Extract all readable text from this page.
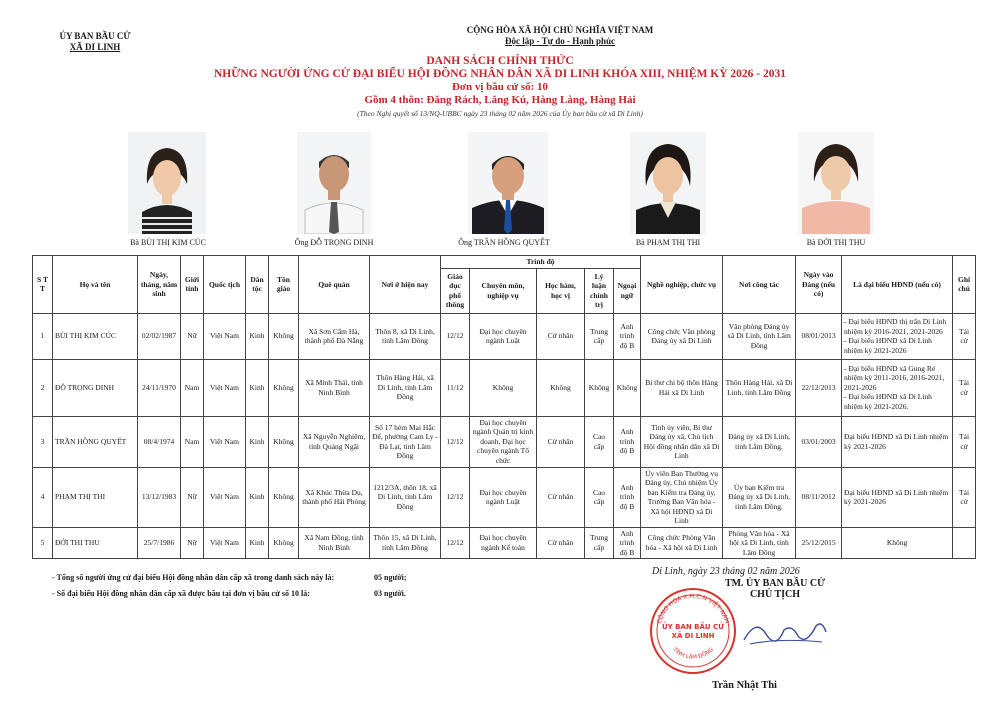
ỦY BAN BẦU CỬ
XÃ DI LINH
CỘNG HÒA XÃ HỘI CHỦ NGHĨA VIỆT NAM
Độc lập - Tự do - Hạnh phúc
DANH SÁCH CHÍNH THỨC
NHỮNG NGƯỜI ỨNG CỬ ĐẠI BIỂU HỘI ĐỒNG NHÂN DÂN XÃ DI LINH KHÓA XIII, NHIỆM KỲ 2026 - 2031
Đơn vị bầu cử số: 10
Gồm 4 thôn: Đăng Rách, Lăng Kú, Hàng Làng, Hàng Hải
(Theo Nghị quyết số 13/NQ-UBBC ngày 23 tháng 02 năm 2026 của Ủy ban bầu cử xã Di Linh)
Bà BÙI THỊ KIM CÚC	Ông ĐỖ TRỌNG DINH	Ông TRẦN HỒNG QUYẾT	Bà PHẠM THỊ THI	Bà ĐỚI THỊ THU
S T T	Họ và tên	Ngày, tháng, năm sinh	Giới tính	Quốc tịch	Dân tộc	Tôn giáo	Quê quán	Nơi ở hiện nay	Trình độ					Nghề nghiệp, chức vụ	Nơi công tác	Ngày vào Đảng (nếu có)	Là đại biểu HĐND (nếu có)	Ghi chú
									Giáo dục phổ thông	Chuyên môn, nghiệp vụ	Học hàm, học vị	Lý luận chính trị	Ngoại ngữ					
1	BÙI THỊ KIM CÚC	02/02/1987	Nữ	Việt Nam	Kinh	Không	Xã Sơn Cẩm Hà, thành phố Đà Nẵng	Thôn 8, xã Di Linh, tỉnh Lâm Đồng	12/12	Đại học chuyên ngành Luật	Cử nhân	Trung cấp	Anh trình độ B	Công chức Văn phòng Đảng ủy xã Di Linh	Văn phòng Đảng ủy xã Di Linh, tỉnh Lâm Đồng	08/01/2013	- Đại biểu HĐND thị trấn Di Linh nhiệm kỳ 2016-2021, 2021-2026
- Đại biểu HĐND xã Di Linh nhiệm kỳ 2021-2026	Tái cử
2	ĐỖ TRỌNG DINH	24/11/1970	Nam	Việt Nam	Kinh	Không	Xã Minh Thái, tỉnh Ninh Bình	Thôn Hàng Hải, xã Di Linh, tỉnh Lâm Đồng	11/12	Không	Không	Không	Không	Bí thư chi bộ thôn Hàng Hải xã Di Linh	Thôn Hàng Hải, xã Di Linh, tỉnh Lâm Đồng	22/12/2013	- Đại biểu HĐND xã Gung Ré nhiệm kỳ 2011-2016, 2016-2021, 2021-2026
- Đại biểu HĐND xã Di Linh nhiệm kỳ 2021-2026.	Tái cử
3	TRẦN HỒNG QUYẾT	08/4/1974	Nam	Việt Nam	Kinh	Không	Xã Nguyễn Nghiêm, tỉnh Quảng Ngãi	Số 17 hẻm Mai Hắc Đế, phường Cam Ly - Đà Lạt, tỉnh Lâm Đồng	12/12	Đại học chuyên ngành Quản trị kinh doanh, Đại học chuyên ngành Tổ chức	Cử nhân	Cao cấp	Anh trình độ B	Tỉnh ủy viên, Bí thư Đảng ủy xã, Chủ tịch Hội đồng nhân dân xã Di Linh	Đảng ủy xã Di Linh, tỉnh Lâm Đồng.	03/01/2003	Đại biểu HĐND xã Di Linh nhiệm kỳ 2021-2026	Tái cử
4	PHẠM THỊ THI	13/12/1983	Nữ	Việt Nam	Kinh	Không	Xã Khúc Thừa Dụ, thành phố Hải Phòng	1212/3A, thôn 18, xã Di Linh, tỉnh Lâm Đồng	12/12	Đại học chuyên ngành Luật	Cử nhân	Cao cấp	Anh trình độ B	Ủy viên Ban Thường vụ Đảng ủy, Chủ nhiệm Ủy ban Kiểm tra Đảng ủy, Trưởng Ban Văn hóa - Xã hội HĐND xã Di Linh	Ủy ban Kiểm tra Đảng ủy xã Di Linh, tỉnh Lâm Đồng.	08/11/2012	Đại biểu HĐND xã Di Linh nhiệm kỳ 2021-2026	Tái cử
5	ĐỚI THỊ THU	25/7/1986	Nữ	Việt Nam	Kinh	Không	Xã Nam Đồng, tỉnh Ninh Bình	Thôn 15, xã Di Linh, tỉnh Lâm Đồng	12/12	Đại học chuyên ngành Kế toán	Cử nhân	Trung cấp	Anh trình độ B	Công chức Phòng Văn hóa - Xã hội xã Di Linh	Phòng Văn hóa - Xã hội xã Di Linh, tỉnh Lâm Đồng	25/12/2015	Không	
- Tổng số người ứng cử đại biểu Hội đồng nhân dân cấp xã trong danh sách này là:	05 người;
- Số đại biểu Hội đồng nhân dân cấp xã được bầu tại đơn vị bầu cử số 10 là:	03 người.
Di Linh, ngày 23 tháng 02 năm 2026
TM. ỦY BAN BẦU CỬ
CHỦ TỊCH
CỘNG HÒA X.H.C.N VIỆT NAM
ỦY BAN BẦU CỬ
XÃ DI LINH
TỈNH LÂM ĐỒNG
Trần Nhật Thi
